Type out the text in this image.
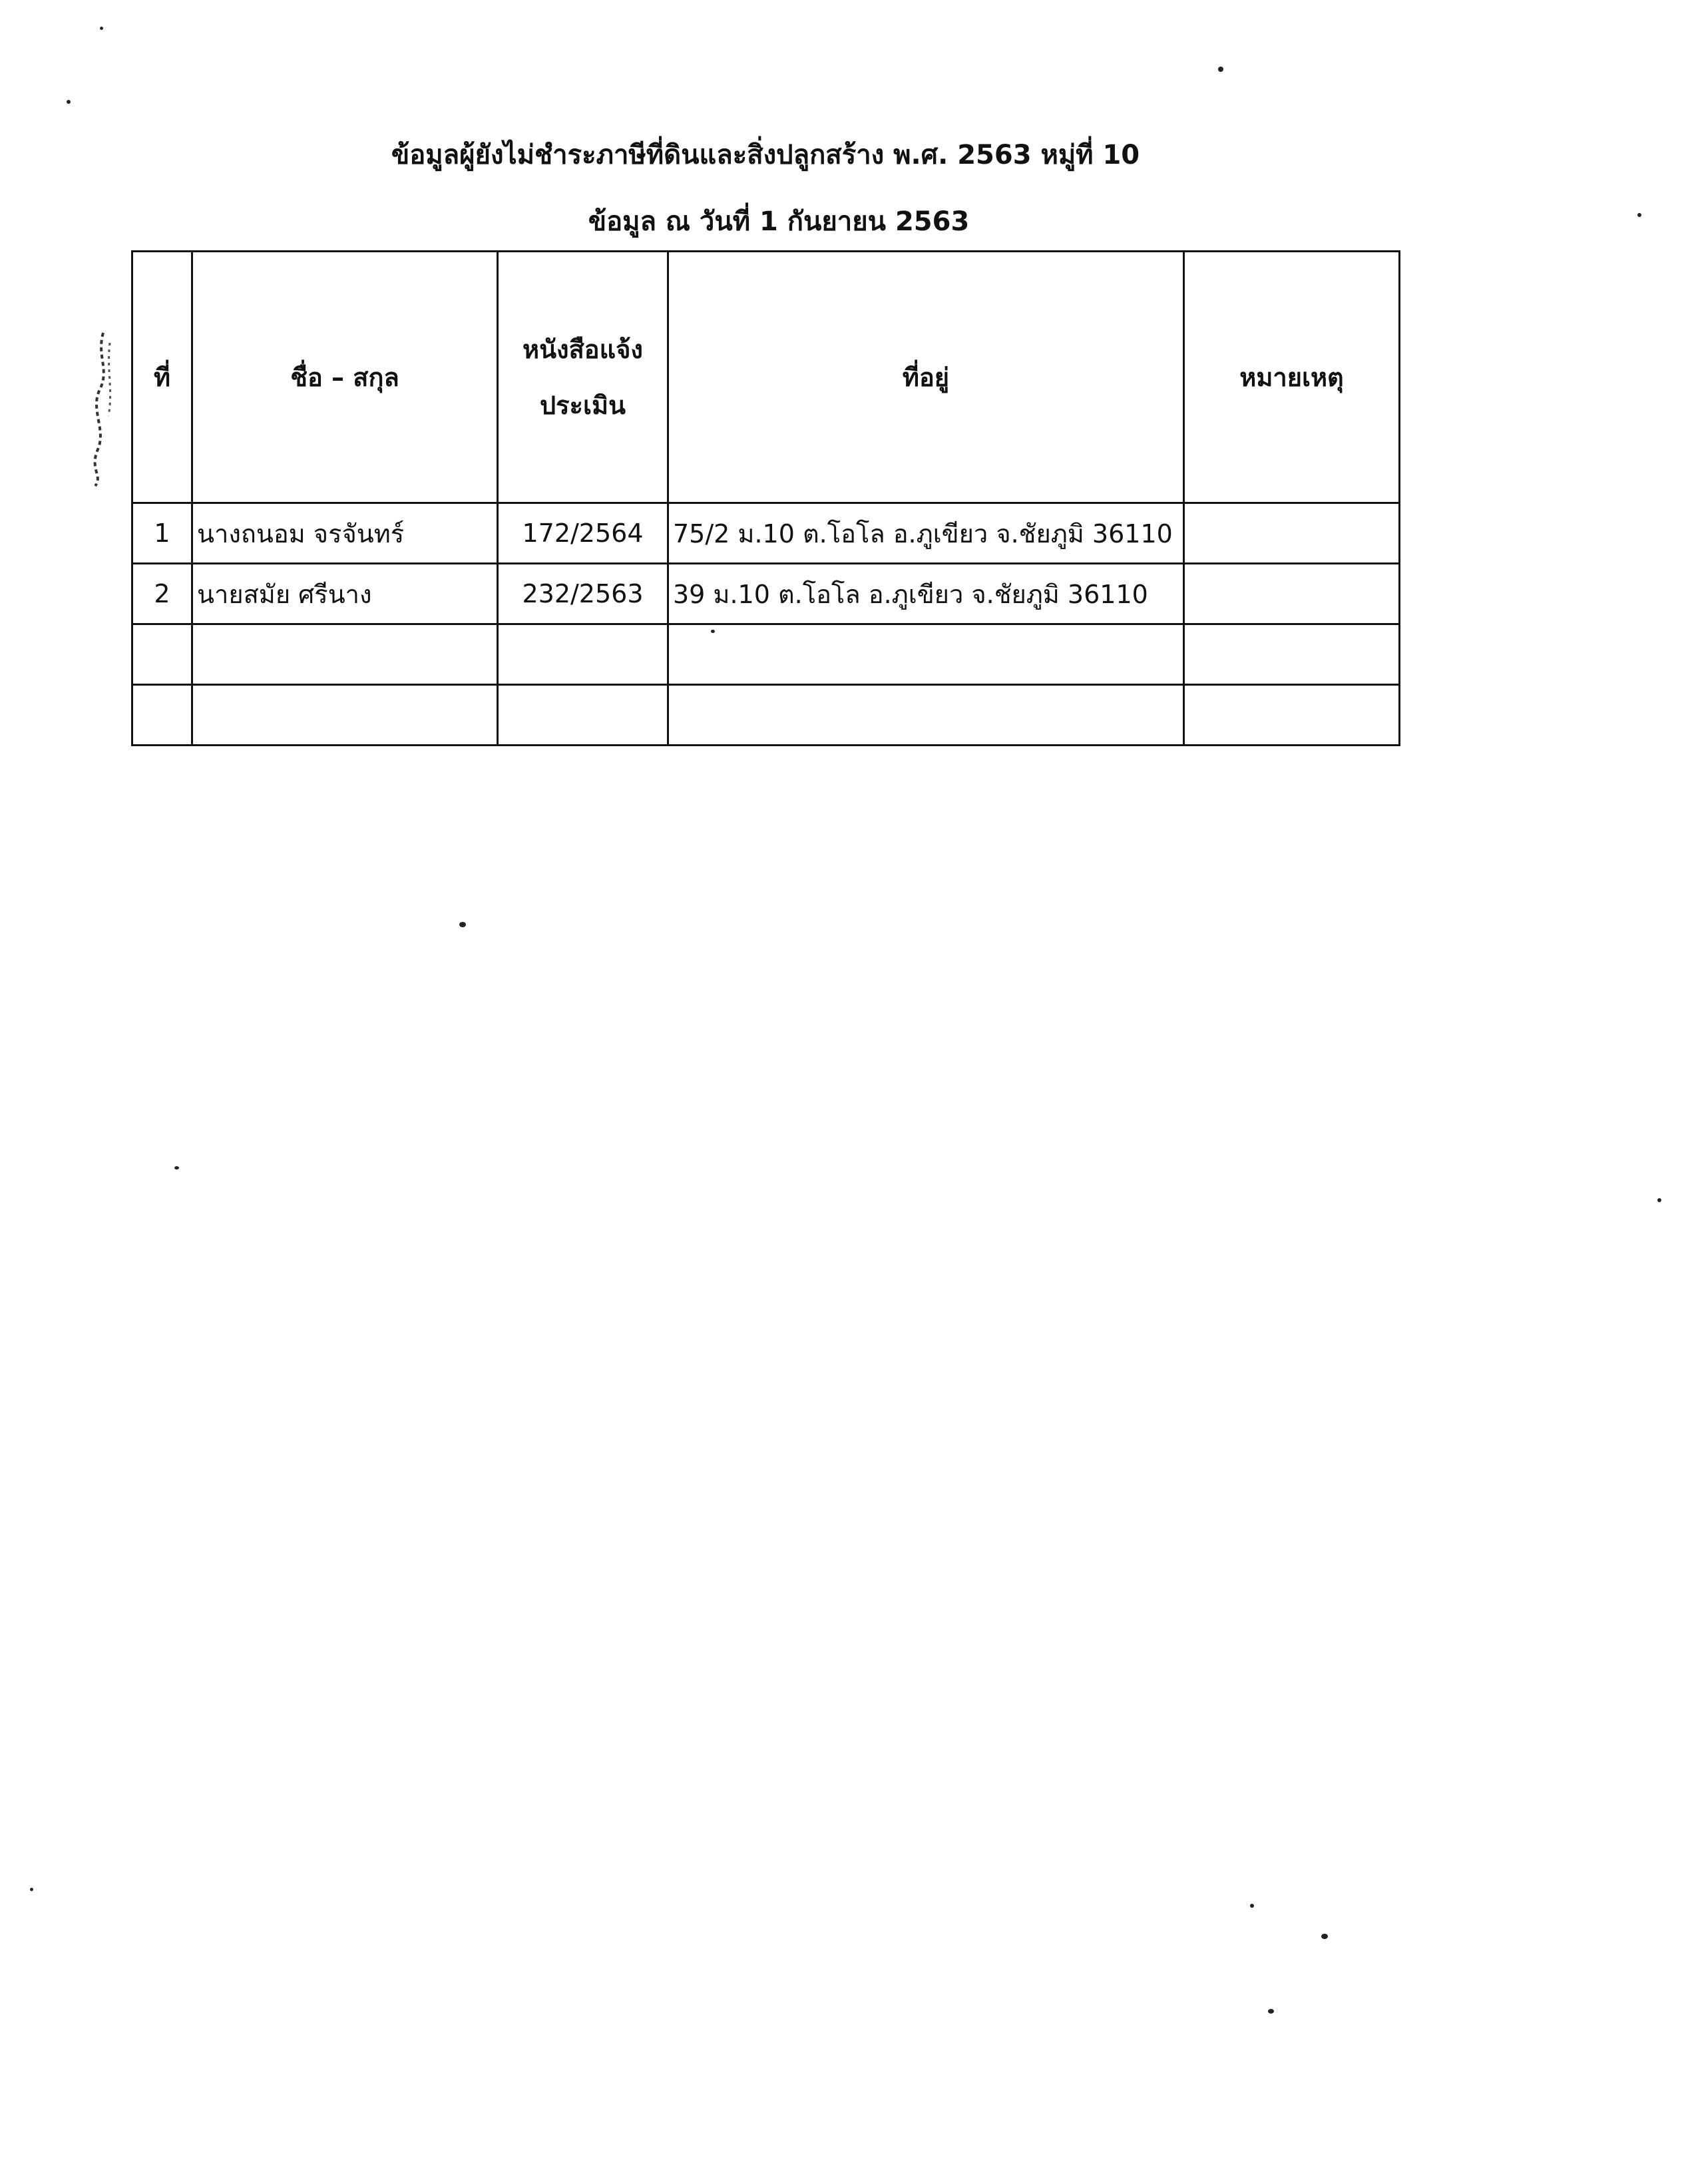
ข้อมูลผู้ยังไม่ชำระภาษีที่ดินและสิ่งปลูกสร้าง พ.ศ. 2563 หมู่ที่ 10
ข้อมูล ณ วันที่ 1 กันยายน 2563
ที่	ชื่อ – สกุล	หนังสือแจ้งประเมิน	ที่อยู่	หมายเหตุ
1	นางถนอม จรจันทร์	172/2564	75/2 ม.10 ต.โอโล อ.ภูเขียว จ.ชัยภูมิ 36110	
2	นายสมัย ศรีนาง	232/2563	39 ม.10 ต.โอโล อ.ภูเขียว จ.ชัยภูมิ 36110	
